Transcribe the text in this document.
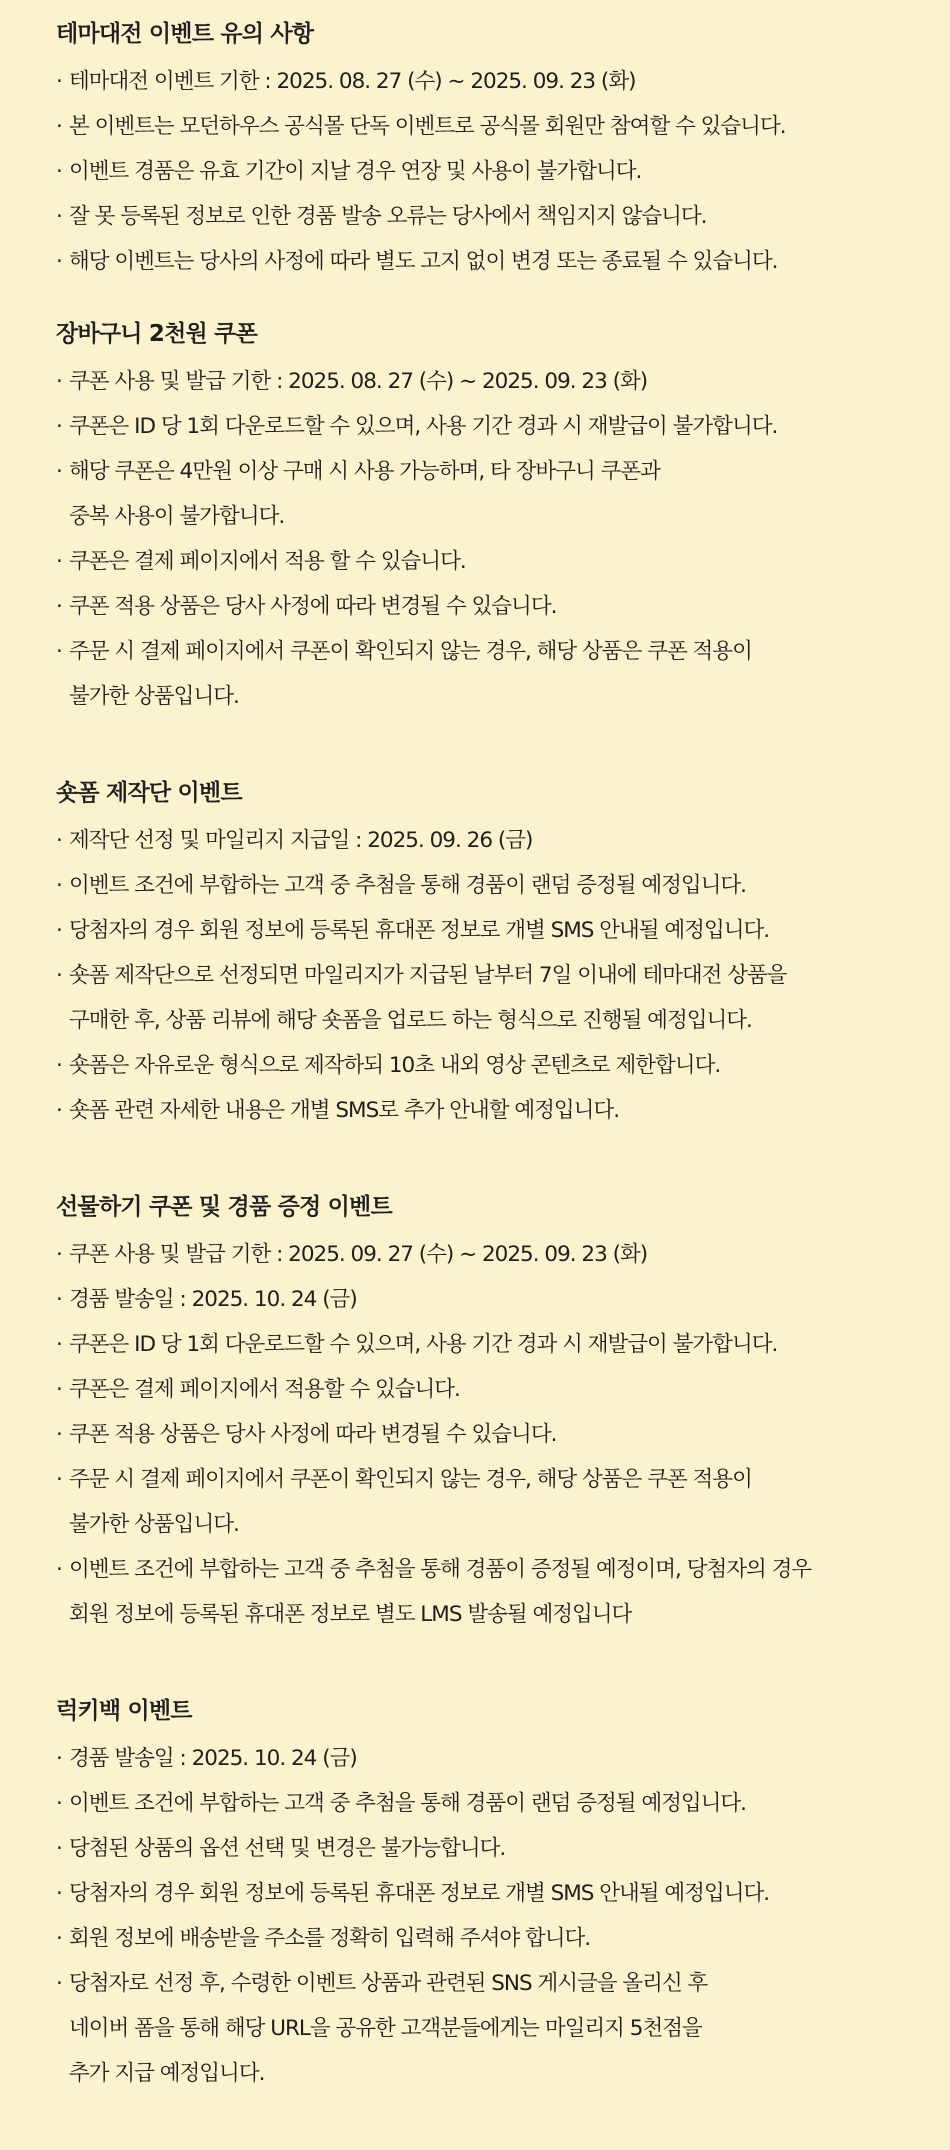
테마대전 이벤트 유의 사항
· 테마대전 이벤트 기한 : 2025. 08. 27 (수) ~ 2025. 09. 23 (화)
· 본 이벤트는 모던하우스 공식몰 단독 이벤트로 공식몰 회원만 참여할 수 있습니다.
· 이벤트 경품은 유효 기간이 지날 경우 연장 및 사용이 불가합니다.
· 잘 못 등록된 정보로 인한 경품 발송 오류는 당사에서 책임지지 않습니다.
· 해당 이벤트는 당사의 사정에 따라 별도 고지 없이 변경 또는 종료될 수 있습니다.
장바구니 2천원 쿠폰
· 쿠폰 사용 및 발급 기한 : 2025. 08. 27 (수) ~ 2025. 09. 23 (화)
· 쿠폰은 ID 당 1회 다운로드할 수 있으며, 사용 기간 경과 시 재발급이 불가합니다.
· 해당 쿠폰은 4만원 이상 구매 시 사용 가능하며, 타 장바구니 쿠폰과
중복 사용이 불가합니다.
· 쿠폰은 결제 페이지에서 적용 할 수 있습니다.
· 쿠폰 적용 상품은 당사 사정에 따라 변경될 수 있습니다.
· 주문 시 결제 페이지에서 쿠폰이 확인되지 않는 경우, 해당 상품은 쿠폰 적용이
불가한 상품입니다.
숏폼 제작단 이벤트
· 제작단 선정 및 마일리지 지급일 : 2025. 09. 26 (금)
· 이벤트 조건에 부합하는 고객 중 추첨을 통해 경품이 랜덤 증정될 예정입니다.
· 당첨자의 경우 회원 정보에 등록된 휴대폰 정보로 개별 SMS 안내될 예정입니다.
· 숏폼 제작단으로 선정되면 마일리지가 지급된 날부터 7일 이내에 테마대전 상품을
구매한 후, 상품 리뷰에 해당 숏폼을 업로드 하는 형식으로 진행될 예정입니다.
· 숏폼은 자유로운 형식으로 제작하되 10초 내외 영상 콘텐츠로 제한합니다.
· 숏폼 관련 자세한 내용은 개별 SMS로 추가 안내할 예정입니다.
선물하기 쿠폰 및 경품 증정 이벤트
· 쿠폰 사용 및 발급 기한 : 2025. 09. 27 (수) ~ 2025. 09. 23 (화)
· 경품 발송일 : 2025. 10. 24 (금)
· 쿠폰은 ID 당 1회 다운로드할 수 있으며, 사용 기간 경과 시 재발급이 불가합니다.
· 쿠폰은 결제 페이지에서 적용할 수 있습니다.
· 쿠폰 적용 상품은 당사 사정에 따라 변경될 수 있습니다.
· 주문 시 결제 페이지에서 쿠폰이 확인되지 않는 경우, 해당 상품은 쿠폰 적용이
불가한 상품입니다.
· 이벤트 조건에 부합하는 고객 중 추첨을 통해 경품이 증정될 예정이며, 당첨자의 경우
회원 정보에 등록된 휴대폰 정보로 별도 LMS 발송될 예정입니다
럭키백 이벤트
· 경품 발송일 : 2025. 10. 24 (금)
· 이벤트 조건에 부합하는 고객 중 추첨을 통해 경품이 랜덤 증정될 예정입니다.
· 당첨된 상품의 옵션 선택 및 변경은 불가능합니다.
· 당첨자의 경우 회원 정보에 등록된 휴대폰 정보로 개별 SMS 안내될 예정입니다.
· 회원 정보에 배송받을 주소를 정확히 입력해 주셔야 합니다.
· 당첨자로 선정 후, 수령한 이벤트 상품과 관련된 SNS 게시글을 올리신 후
네이버 폼을 통해 해당 URL을 공유한 고객분들에게는 마일리지 5천점을
추가 지급 예정입니다.
